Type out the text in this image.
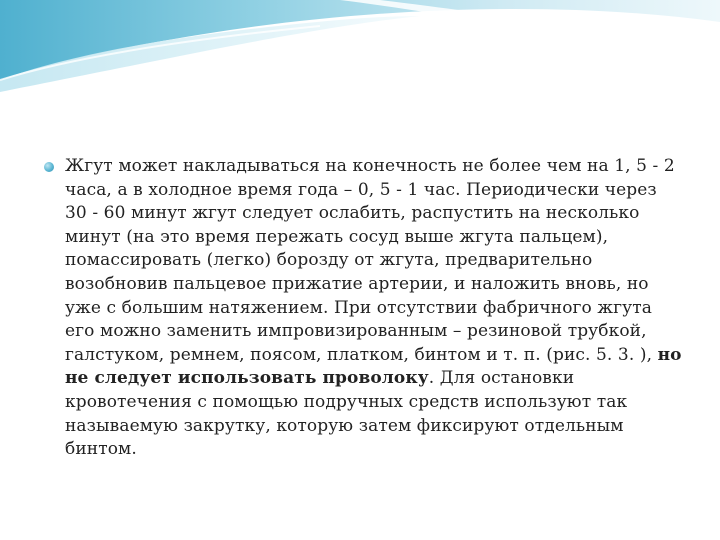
Жгут может накладываться на конечность не более чем на 1, 5 - 2 часа, а в холодное время года – 0, 5 - 1 час. Периодически через 30 - 60 минут жгут следует ослабить, распустить на несколько минут (на это время пережать сосуд выше жгута пальцем), помассировать (легко) борозду от жгута, предварительно возобновив пальцевое прижатие артерии, и наложить вновь, но уже с большим натяжением. При отсутствии фабричного жгута его можно заменить импровизированным – резиновой трубкой, галстуком, ремнем, поясом, платком, бинтом и т. п. (рис. 5. 3. ), но не следует использовать проволоку. Для остановки кровотечения с помощью подручных средств используют так называемую закрутку, которую затем фиксируют отдельным бинтом.
